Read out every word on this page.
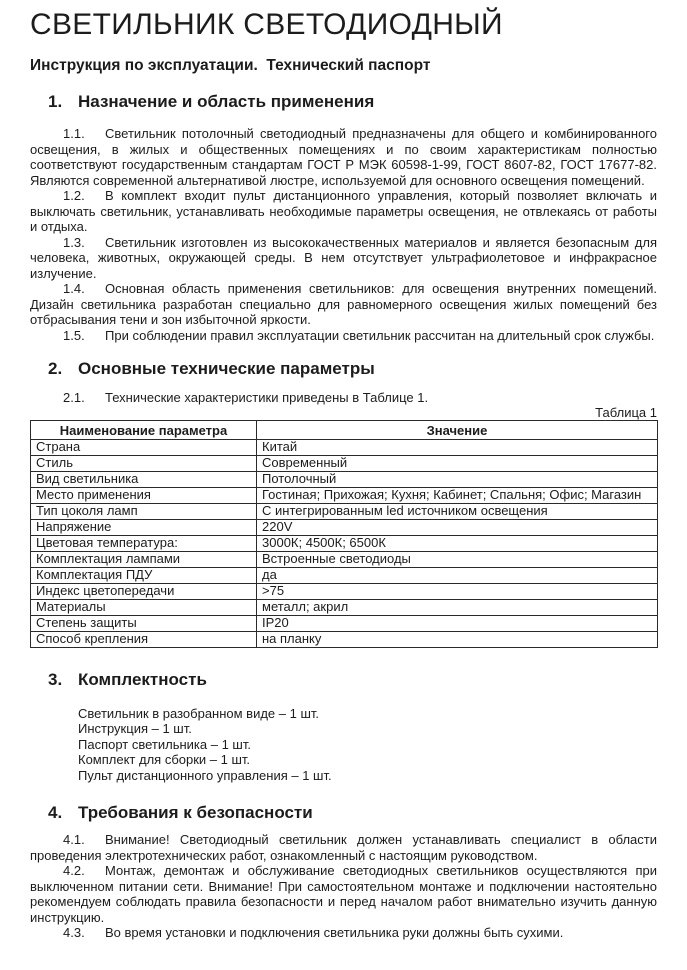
СВЕТИЛЬНИК СВЕТОДИОДНЫЙ
Инструкция по эксплуатации.  Технический паспорт
1. Назначение и область применения

1.1. Светильник потолочный светодиодный предназначены для общего и комбинированного освещения, в жилых и общественных помещениях и по своим характеристикам полностью соответствуют государственным стандартам ГОСТ Р МЭК 60598-1-99, ГОСТ 8607-82, ГОСТ 17677-82. Являются современной альтернативой люстре, используемой для основного освещения помещений.

1.2. В комплект входит пульт дистанционного управления, который позволяет включать и выключать светильник, устанавливать необходимые параметры освещения, не отвлекаясь от работы и отдыха.

1.3. Светильник изготовлен из высококачественных материалов и является безопасным для человека, животных, окружающей среды. В нем отсутствует ультрафиолетовое и инфракрасное излучение.

1.4. Основная область применения светильников: для освещения внутренних помещений. Дизайн светильника разработан специально для равномерного освещения жилых помещений без отбрасывания тени и зон избыточной яркости.

1.5. При соблюдении правил эксплуатации светильник рассчитан на длительный срок службы.

2. Основные технические параметры

2.1. Технические характеристики приведены в Таблице 1.

Таблица 1
Наименование параметра	Значение
Страна	Китай
Стиль	Современный
Вид светильника	Потолочный
Место применения	Гостиная; Прихожая; Кухня; Кабинет; Спальня; Офис; Магазин
Тип цоколя ламп	С интегрированным led источником освещения
Напряжение	220V
Цветовая температура:	3000К; 4500К; 6500К
Комплектация лампами	Встроенные светодиоды
Комплектация ПДУ	да
Индекс цветопередачи	>75
Материалы	металл; акрил
Степень защиты	IP20
Способ крепления	на планку
3. Комплектность
Светильник в разобранном виде – 1 шт.
Инструкция – 1 шт.
Паспорт светильника – 1 шт.
Комплект для сборки – 1 шт.
Пульт дистанционного управления – 1 шт.
4. Требования к безопасности

4.1. Внимание! Светодиодный светильник должен устанавливать специалист в области проведения электротехнических работ, ознакомленный с настоящим руководством.

4.2. Монтаж, демонтаж и обслуживание светодиодных светильников осуществляются при выключенном питании сети. Внимание! При самостоятельном монтаже и подключении настоятельно рекомендуем соблюдать правила безопасности и перед началом работ внимательно изучить данную инструкцию.

4.3. Во время установки и подключения светильника руки должны быть сухими.
